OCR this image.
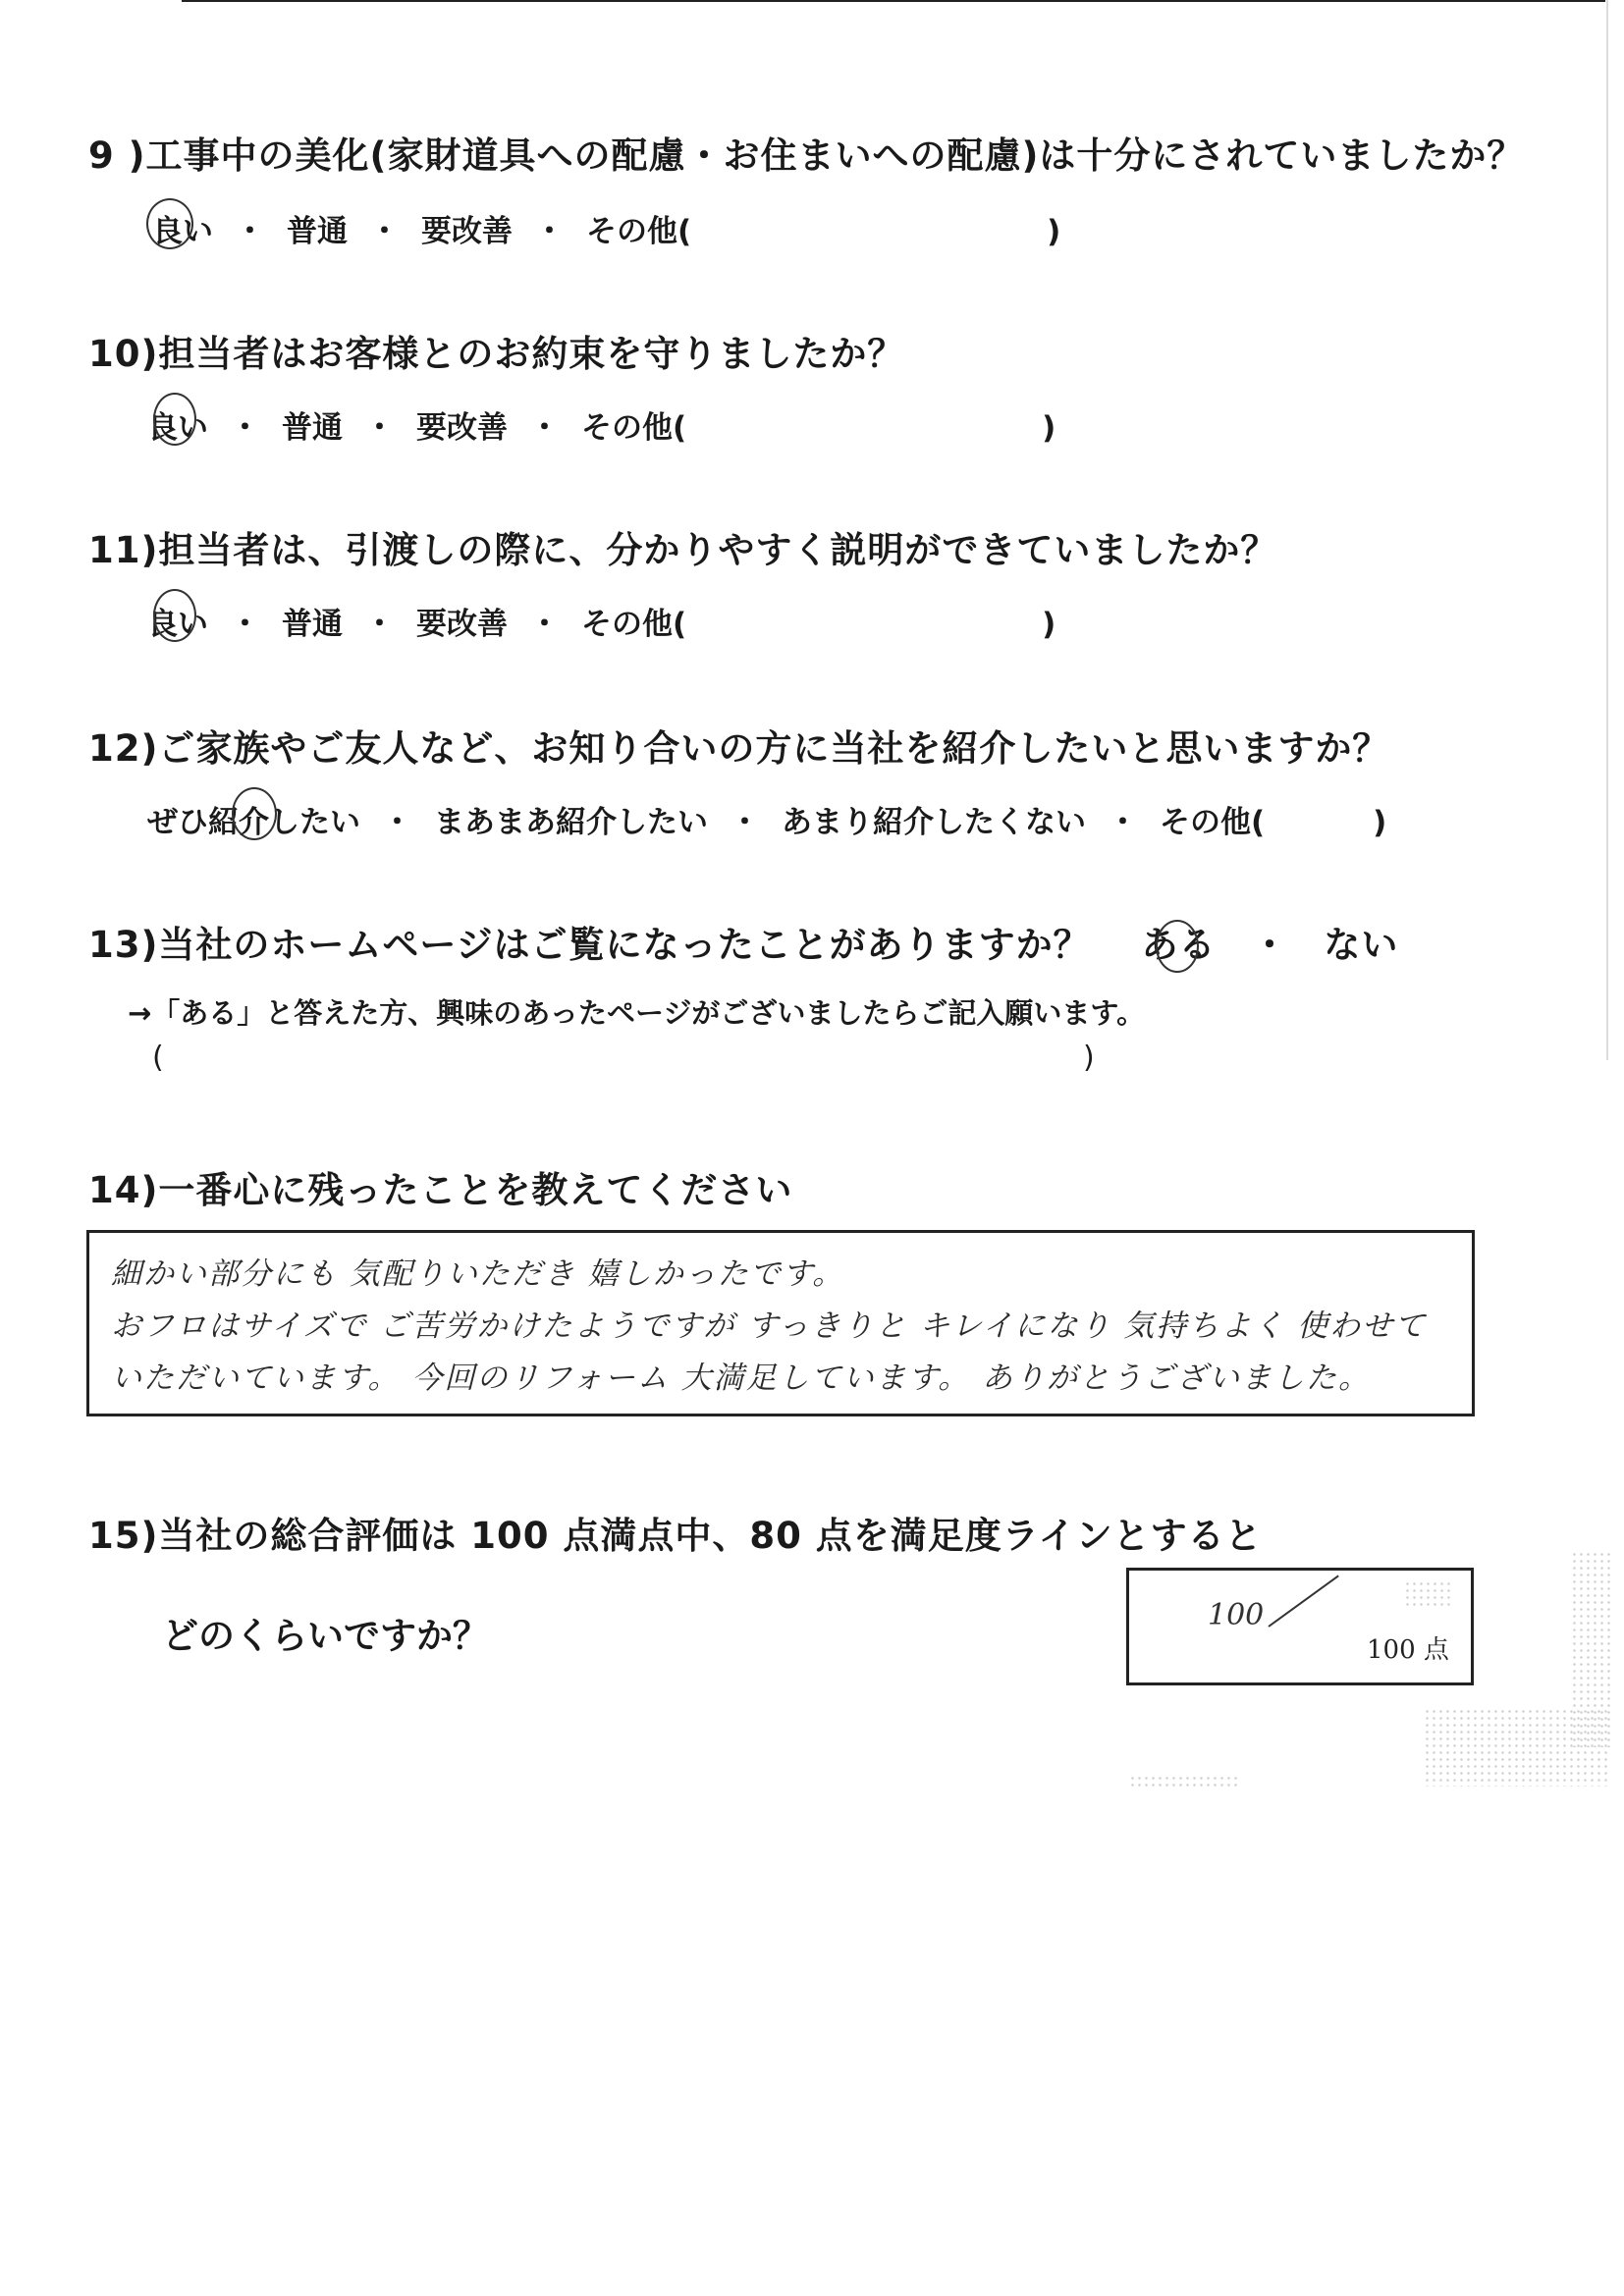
9 )工事中の美化(家財道具への配慮・お住まいへの配慮)は十分にされていましたか？
良い ・ 普通 ・ 要改善 ・ その他(	)
10)担当者はお客様とのお約束を守りましたか？
良い ・ 普通 ・ 要改善 ・ その他(	)
11)担当者は、引渡しの際に、分かりやすく説明ができていましたか？
良い ・ 普通 ・ 要改善 ・ その他(	)
12)ご家族やご友人など、お知り合いの方に当社を紹介したいと思いますか？
ぜひ紹介したい ・ まあまあ紹介したい ・ あまり紹介したくない ・ その他(	)
13)当社のホームページはご覧になったことがありますか？ ある ・ ない
→「ある」と答えた方、興味のあったページがございましたらご記入願います。
(	)
14)一番心に残ったことを教えてください
細かい部分にも 気配りいただき 嬉しかったです。
おフロはサイズで ご苦労かけたようですが すっきりと キレイになり 気持ちよく 使わせて
いただいています。 今回のリフォーム 大満足しています。 ありがとうございました。
15)当社の総合評価は 100 点満点中、80 点を満足度ラインとすると
どのくらいですか？	100
100 点
